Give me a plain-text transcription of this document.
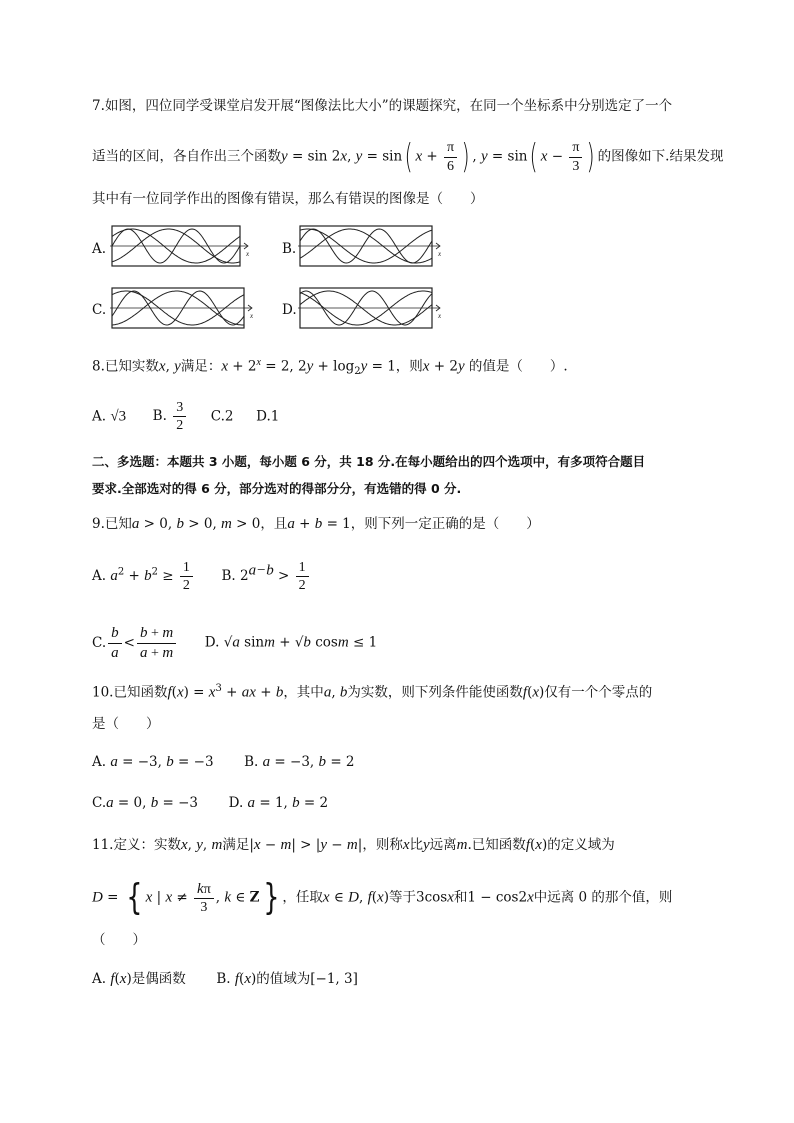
7.如图，四位同学受课堂启发开展“图像法比大小”的课题探究，在同一个坐标系中分别选定了一个
适当的区间，各自作出三个函数y = sin 2x, y = sin( $x + \frac{\pi}{6}$ ) , y = sin( $x - \frac{\pi}{3}$ ) 的图像如下.结果发现
其中有一位同学作出的图像有错误，那么有错误的图像是（　　）
A.	B.
C.	D.
x	x
x	x
8.已知实数x, y满足：$x + 2^x = 2$, $2y + \log_2y = 1$，则x + 2y 的值是（　　）.
A. √3 B. $\frac{3}{2} C.2$ D.1
二、多选题：本题共 3 小题，每小题 6 分，共 18 分.在每小题给出的四个选项中，有多项符合题目
要求.全部选对的得 6 分，部分选对的得部分分，有选错的得 0 分.
9.已知a > 0, b > 0, m > 0，且a + b = 1，则下列一定正确的是（　　）
A. $a^2 + b^2 \ge \frac{1}{2} B$. $2^{a-b} > \frac{1}{2}$
C. $\frac{b}{a} < \frac{b + m}{a + m} D$. √a sinm + √b cosm ≤ 1
10.已知函数$f(x) = x^3$ + ax + b，其中a, b为实数，则下列条件能使函数f(x)仅有一个个零点的
是（　　）
A. a = −3, b = −3 B. a = −3, b = 2
C.a = 0, b = −3 D. a = 1, b = 2
11.定义：实数x, y, m满足|x − m| > |y − m|，则称x比y远离m.已知函数f(x)的定义域为
D = { x | $x \ne \frac{k\pi}{3}$ , k ∈ Z} ，任取x ∈ D, f(x)等于3cosx和1 − cos2x中远离 0 的那个值，则
（　　）
A. f(x)是偶函数 B. f(x)的值域为[−1, 3]
